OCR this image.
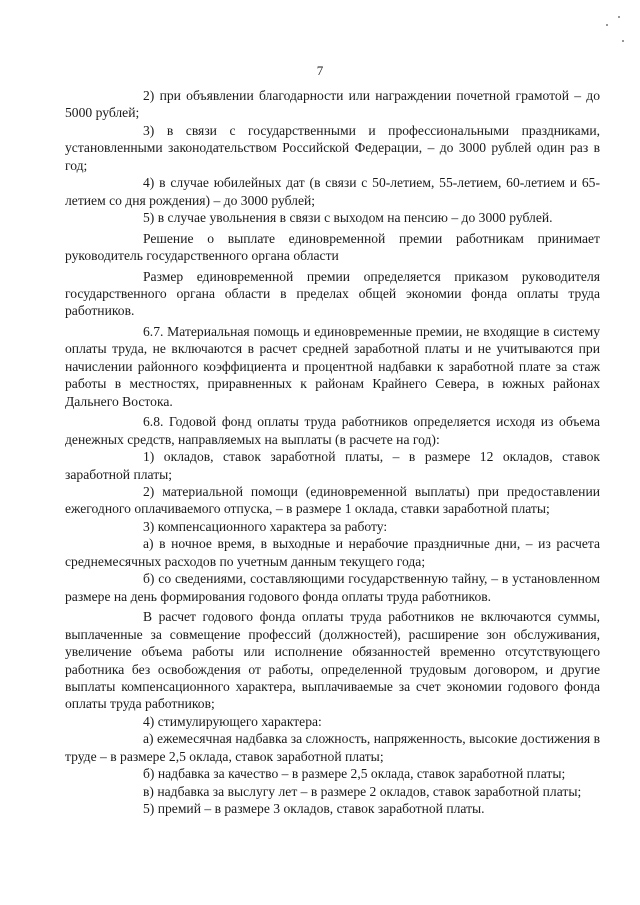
7

2) при объявлении благодарности или награждении почетной грамотой – до 5000 рублей;

3) в связи с государственными и профессиональными праздниками, установленными законодательством Российской Федерации, – до 3000 рублей один раз в год;

4) в случае юбилейных дат (в связи с 50-летием, 55-летием, 60-летием и 65-летием со дня рождения) – до 3000 рублей;

5) в случае увольнения в связи с выходом на пенсию – до 3000 рублей.

Решение о выплате единовременной премии работникам принимает руководитель государственного органа области

Размер единовременной премии определяется приказом руководителя государственного органа области в пределах общей экономии фонда оплаты труда работников.

6.7. Материальная помощь и единовременные премии, не входящие в систему оплаты труда, не включаются в расчет средней заработной платы и не учитываются при начислении районного коэффициента и процентной надбавки к заработной плате за стаж работы в местностях, приравненных к районам Крайнего Севера, в южных районах Дальнего Востока.

6.8. Годовой фонд оплаты труда работников определяется исходя из объема денежных средств, направляемых на выплаты (в расчете на год):

1) окладов, ставок заработной платы, – в размере 12 окладов, ставок заработной платы;

2) материальной помощи (единовременной выплаты) при предоставлении ежегодного оплачиваемого отпуска, – в размере 1 оклада, ставки заработной платы;

3) компенсационного характера за работу:

а) в ночное время, в выходные и нерабочие праздничные дни, – из расчета среднемесячных расходов по учетным данным текущего года;

б) со сведениями, составляющими государственную тайну, – в установленном размере на день формирования годового фонда оплаты труда работников.

В расчет годового фонда оплаты труда работников не включаются суммы, выплаченные за совмещение профессий (должностей), расширение зон обслуживания, увеличение объема работы или исполнение обязанностей временно отсутствующего работника без освобождения от работы, определенной трудовым договором, и другие выплаты компенсационного характера, выплачиваемые за счет экономии годового фонда оплаты труда работников;

4) стимулирующего характера:

а) ежемесячная надбавка за сложность, напряженность, высокие достижения в труде – в размере 2,5 оклада, ставок заработной платы;

б) надбавка за качество – в размере 2,5 оклада, ставок заработной платы;

в) надбавка за выслугу лет – в размере 2 окладов, ставок заработной платы;

5) премий – в размере 3 окладов, ставок заработной платы.
